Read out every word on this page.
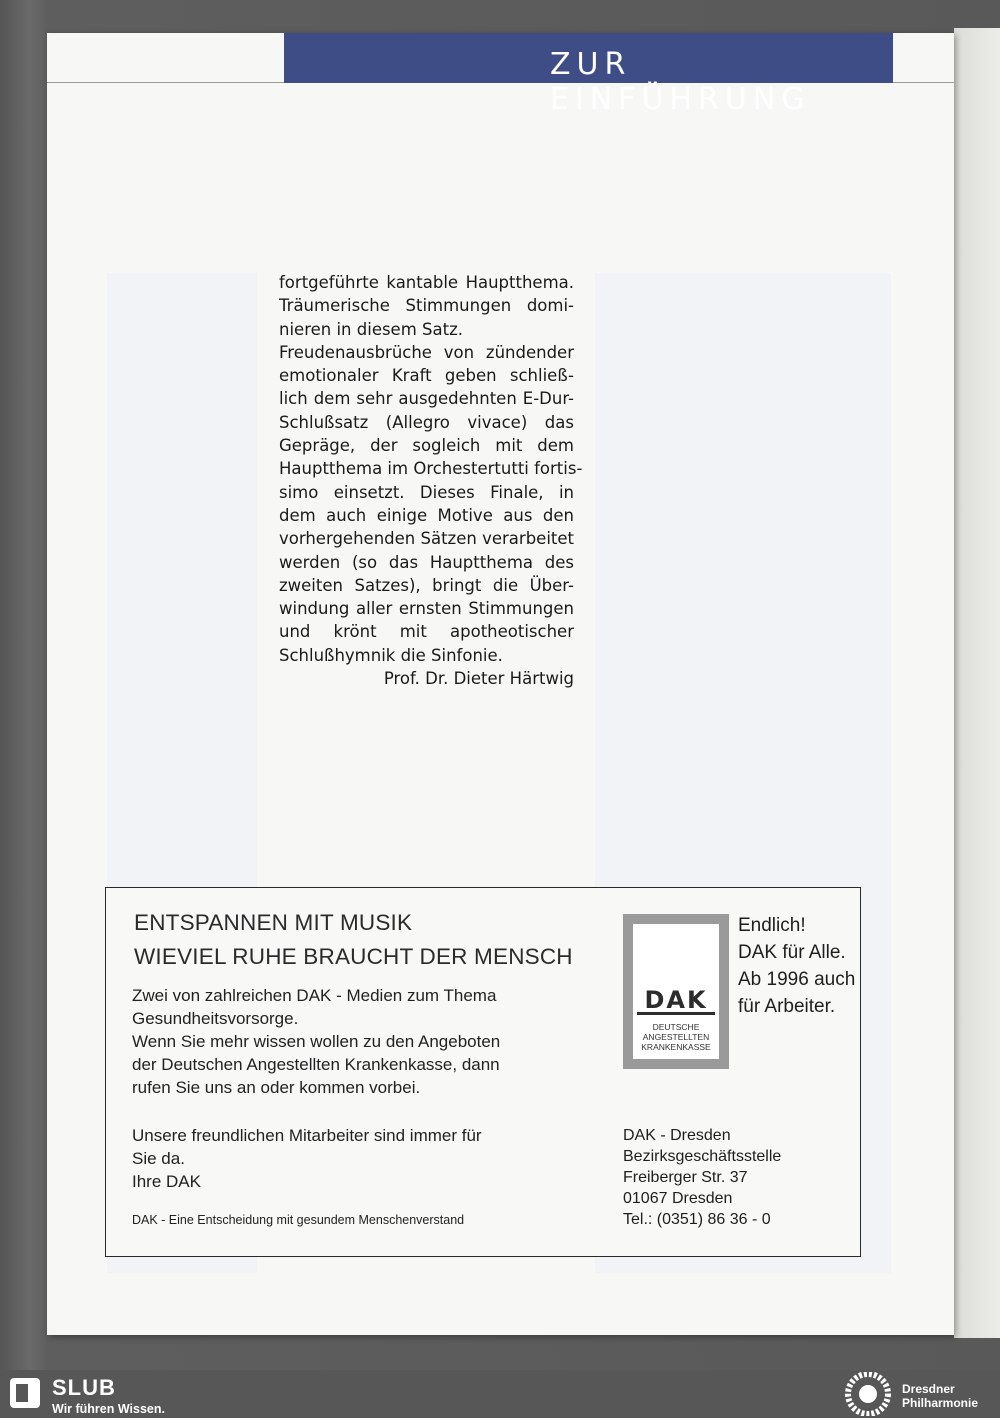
ZUR EINFÜHRUNG
fortgeführte kantable Hauptthema.
Träumerische Stimmungen domi-
nieren in diesem Satz.
Freudenausbrüche von zündender
emotionaler Kraft geben schließ-
lich dem sehr ausgedehnten E-Dur-
Schlußsatz (Allegro vivace) das
Gepräge, der sogleich mit dem
Hauptthema im Orchestertutti fortis-
simo einsetzt. Dieses Finale, in
dem auch einige Motive aus den
vorhergehenden Sätzen verarbeitet
werden (so das Hauptthema des
zweiten Satzes), bringt die Über-
windung aller ernsten Stimmungen
und krönt mit apotheotischer
Schlußhymnik die Sinfonie.
Prof. Dr. Dieter Härtwig
ENTSPANNEN MIT MUSIK
WIEVIEL RUHE BRAUCHT DER MENSCH
Zwei von zahlreichen DAK - Medien zum Thema
Gesundheitsvorsorge.
Wenn Sie mehr wissen wollen zu den Angeboten
der Deutschen Angestellten Krankenkasse, dann
rufen Sie uns an oder kommen vorbei.
Unsere freundlichen Mitarbeiter sind immer für
Sie da.
Ihre DAK
DAK - Eine Entscheidung mit gesundem Menschenverstand
DAK
DEUTSCHE
ANGESTELLTEN
KRANKENKASSE
Endlich!
DAK für Alle.
Ab 1996 auch
für Arbeiter.
DAK - Dresden
Bezirksgeschäftsstelle
Freiberger Str. 37
01067 Dresden
Tel.: (0351) 86 36 - 0
SLUB
Wir führen Wissen.
Dresdner
Philharmonie
